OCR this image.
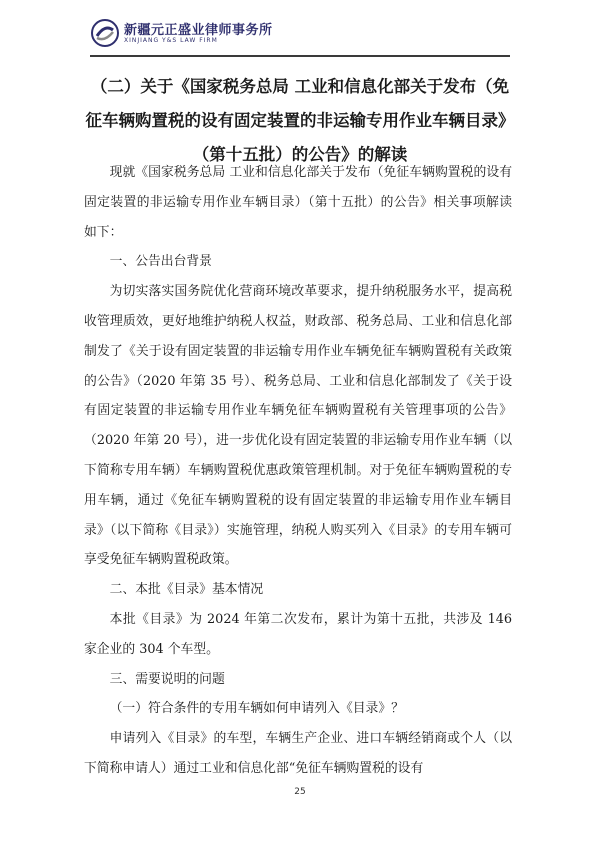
新疆元正盛业律师事务所
XINJIANG Y&S LAW FIRM
（二）关于《国家税务总局 工业和信息化部关于发布（免
征车辆购置税的设有固定装置的非运输专用作业车辆目录》
（第十五批）的公告》的解读

现就《国家税务总局 工业和信息化部关于发布（免征车辆购置税的设有固定装置的非运输专用作业车辆目录）（第十五批）的公告》相关事项解读如下：

一、公告出台背景

为切实落实国务院优化营商环境改革要求，提升纳税服务水平，提高税收管理质效，更好地维护纳税人权益，财政部、税务总局、工业和信息化部制发了《关于设有固定装置的非运输专用作业车辆免征车辆购置税有关政策的公告》（2020 年第 35 号）、税务总局、工业和信息化部制发了《关于设有固定装置的非运输专用作业车辆免征车辆购置税有关管理事项的公告》（2020 年第 20 号），进一步优化设有固定装置的非运输专用作业车辆（以下简称专用车辆）车辆购置税优惠政策管理机制。对于免征车辆购置税的专用车辆，通过《免征车辆购置税的设有固定装置的非运输专用作业车辆目录》（以下简称《目录》）实施管理，纳税人购买列入《目录》的专用车辆可享受免征车辆购置税政策。

二、本批《目录》基本情况

本批《目录》为 2024 年第二次发布，累计为第十五批，共涉及 146 家企业的 304 个车型。

三、需要说明的问题

（一）符合条件的专用车辆如何申请列入《目录》？

申请列入《目录》的车型，车辆生产企业、进口车辆经销商或个人（以下简称申请人）通过工业和信息化部“免征车辆购置税的设有

25
